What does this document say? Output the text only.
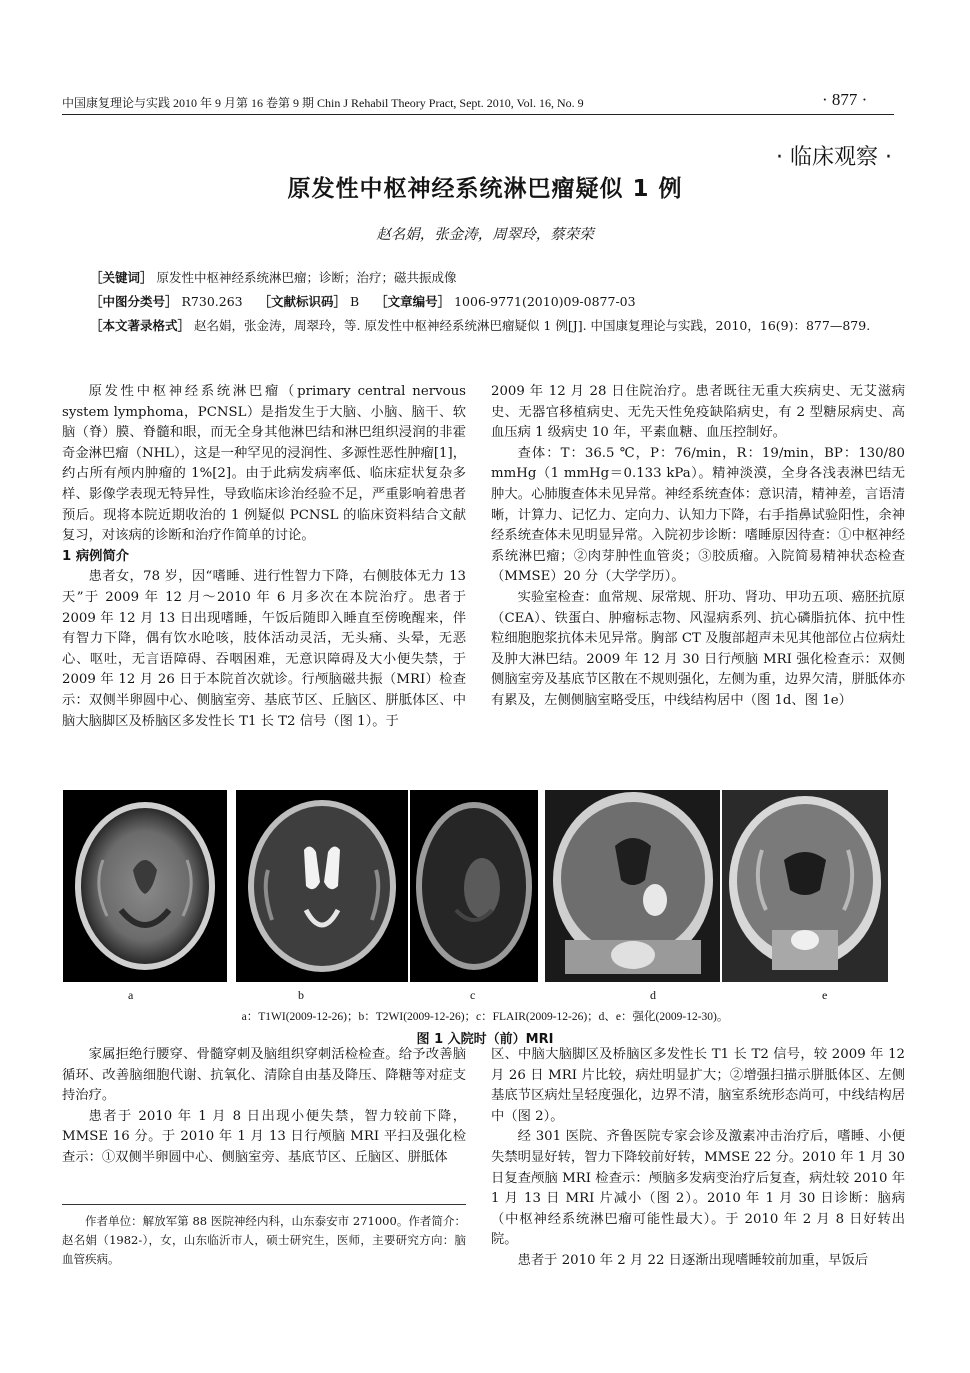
中国康复理论与实践 2010 年 9 月第 16 卷第 9 期 Chin J Rehabil Theory Pract, Sept. 2010, Vol. 16, No. 9	· 877 ·
· 临床观察 ·
原发性中枢神经系统淋巴瘤疑似 1 例
赵名娟，张金涛，周翠玲，蔡荣荣
［关键词］ 原发性中枢神经系统淋巴瘤；诊断；治疗；磁共振成像
［中图分类号］ R730.263 ［文献标识码］ B ［文章编号］ 1006-9771(2010)09-0877-03
［本文著录格式］ 赵名娟，张金涛，周翠玲，等. 原发性中枢神经系统淋巴瘤疑似 1 例[J]. 中国康复理论与实践，2010，16(9)：877—879.

原发性中枢神经系统淋巴瘤（primary central nervous system lymphoma，PCNSL）是指发生于大脑、小脑、脑干、软脑（脊）膜、脊髓和眼，而无全身其他淋巴结和淋巴组织浸润的非霍奇金淋巴瘤（NHL），这是一种罕见的浸润性、多源性恶性肿瘤[1]，约占所有颅内肿瘤的 1%[2]。由于此病发病率低、临床症状复杂多样、影像学表现无特异性，导致临床诊治经验不足，严重影响着患者预后。现将本院近期收治的 1 例疑似 PCNSL 的临床资料结合文献复习，对该病的诊断和治疗作简单的讨论。

1 病例简介

患者女，78 岁，因“嗜睡、进行性智力下降，右侧肢体无力 13 天”于 2009 年 12 月～2010 年 6 月多次在本院治疗。患者于 2009 年 12 月 13 日出现嗜睡，午饭后随即入睡直至傍晚醒来，伴有智力下降，偶有饮水呛咳，肢体活动灵活，无头痛、头晕，无恶心、呕吐，无言语障碍、吞咽困难，无意识障碍及大小便失禁，于 2009 年 12 月 26 日于本院首次就诊。行颅脑磁共振（MRI）检查示：双侧半卵圆中心、侧脑室旁、基底节区、丘脑区、胼胝体区、中脑大脑脚区及桥脑区多发性长 T1 长 T2 信号（图 1）。于

2009 年 12 月 28 日住院治疗。患者既往无重大疾病史、无艾滋病史、无器官移植病史、无先天性免疫缺陷病史，有 2 型糖尿病史、高血压病 1 级病史 10 年，平素血糖、血压控制好。

查体：T：36.5 ℃，P：76/min，R：19/min，BP：130/80 mmHg（1 mmHg＝0.133 kPa）。精神淡漠，全身各浅表淋巴结无肿大。心肺腹查体未见异常。神经系统查体：意识清，精神差，言语清晰，计算力、记忆力、定向力、认知力下降，右手指鼻试验阳性，余神经系统查体未见明显异常。入院初步诊断：嗜睡原因待查：①中枢神经系统淋巴瘤；②肉芽肿性血管炎；③胶质瘤。入院简易精神状态检查（MMSE）20 分（大学学历）。

实验室检查：血常规、尿常规、肝功、肾功、甲功五项、癌胚抗原（CEA）、铁蛋白、肿瘤标志物、风湿病系列、抗心磷脂抗体、抗中性粒细胞胞浆抗体未见异常。胸部 CT 及腹部超声未见其他部位占位病灶及肿大淋巴结。2009 年 12 月 30 日行颅脑 MRI 强化检查示：双侧侧脑室旁及基底节区散在不规则强化，左侧为重，边界欠清，胼胝体亦有累及，左侧侧脑室略受压，中线结构居中（图 1d、图 1e）

a	b	c	d	e
a：T1WI(2009-12-26)；b：T2WI(2009-12-26)；c：FLAIR(2009-12-26)；d、e：强化(2009-12-30)。
图 1 入院时（前）MRI

家属拒绝行腰穿、骨髓穿刺及脑组织穿刺活检检查。给予改善脑循环、改善脑细胞代谢、抗氧化、清除自由基及降压、降糖等对症支持治疗。

患者于 2010 年 1 月 8 日出现小便失禁，智力较前下降，MMSE 16 分。于 2010 年 1 月 13 日行颅脑 MRI 平扫及强化检查示：①双侧半卵圆中心、侧脑室旁、基底节区、丘脑区、胼胝体

区、中脑大脑脚区及桥脑区多发性长 T1 长 T2 信号，较 2009 年 12 月 26 日 MRI 片比较，病灶明显扩大；②增强扫描示胼胝体区、左侧基底节区病灶呈轻度强化，边界不清，脑室系统形态尚可，中线结构居中（图 2）。

经 301 医院、齐鲁医院专家会诊及激素冲击治疗后，嗜睡、小便失禁明显好转，智力下降较前好转，MMSE 22 分。2010 年 1 月 30 日复查颅脑 MRI 检查示：颅脑多发病变治疗后复查，病灶较 2010 年 1 月 13 日 MRI 片减小（图 2）。2010 年 1 月 30 日诊断：脑病（中枢神经系统淋巴瘤可能性最大）。于 2010 年 2 月 8 日好转出院。

患者于 2010 年 2 月 22 日逐渐出现嗜睡较前加重，早饭后

作者单位：解放军第 88 医院神经内科，山东泰安市 271000。作者简介：赵名娟（1982-），女，山东临沂市人，硕士研究生，医师，主要研究方向：脑血管疾病。
